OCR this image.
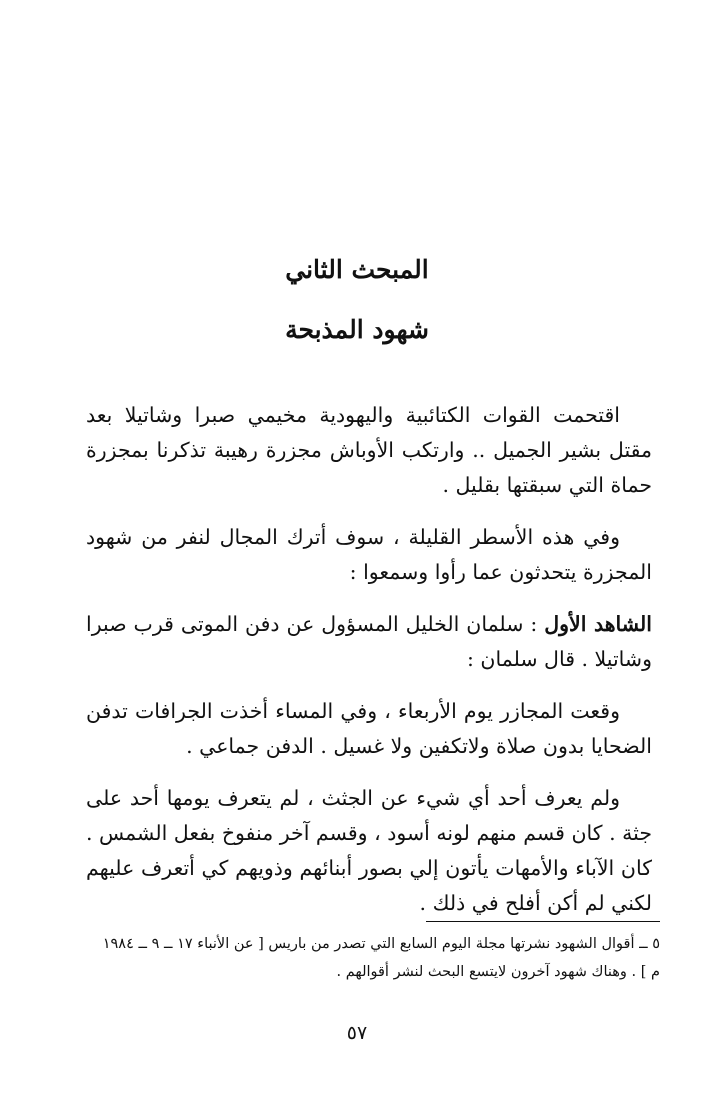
المبحث الثاني
شهود المذبحة

اقتحمت القوات الكتائبية واليهودية مخيمي صبرا وشاتيلا بعد مقتل بشير الجميل .. وارتكب الأوباش مجزرة رهيبة تذكرنا بمجزرة حماة التي سبقتها بقليل .

وفي هذه الأسطر القليلة ، سوف أترك المجال لنفر من شهود المجزرة يتحدثون عما رأوا وسمعوا :

الشاهد الأول : سلمان الخليل المسؤول عن دفن الموتى قرب صبرا وشاتيلا . قال سلمان :

وقعت المجازر يوم الأربعاء ، وفي المساء أخذت الجرافات تدفن الضحايا بدون صلاة ولاتكفين ولا غسيل . الدفن جماعي .

ولم يعرف أحد أي شيء عن الجثث ، لم يتعرف يومها أحد على جثة . كان قسم منهم لونه أسود ، وقسم آخر منفوخ بفعل الشمس . كان الآباء والأمهات يأتون إلي بصور أبنائهم وذويهم كي أتعرف عليهم لكني لم أكن أفلح في ذلك .

٥ ــ أقوال الشهود نشرتها مجلة اليوم السابع التي تصدر من باريس [ عن الأنباء ١٧ ــ ٩ ــ ١٩٨٤ م ] . وهناك شهود آخرون لايتسع البحث لنشر أقوالهم .

٥٧
